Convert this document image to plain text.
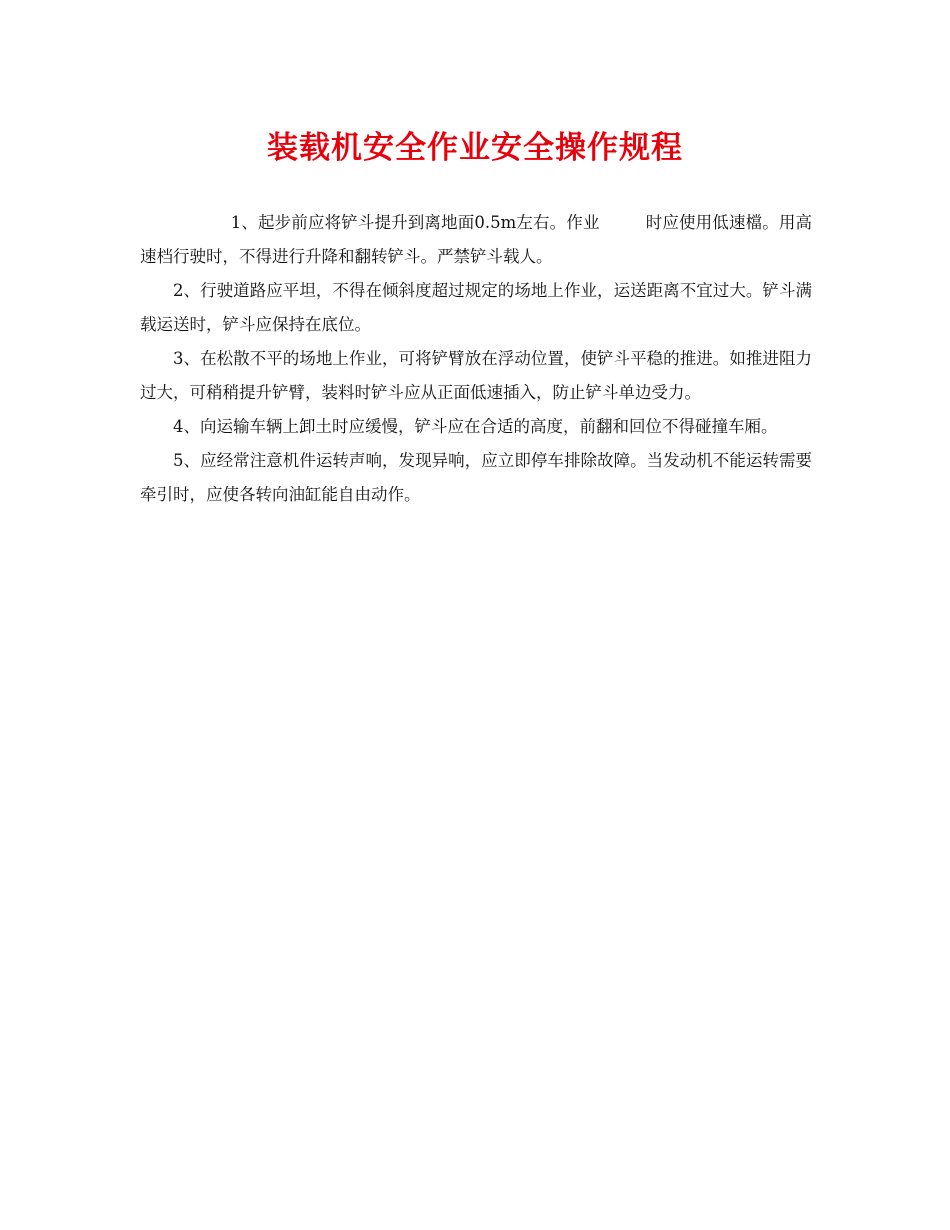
装载机安全作业安全操作规程

1、起步前应将铲斗提升到离地面0.5m左右。作业	时应使用低速檔。用高速档行驶时，不得进行升降和翻转铲斗。严禁铲斗载人。

2、行驶道路应平坦，不得在倾斜度超过规定的场地上作业，运送距离不宜过大。铲斗满载运送时，铲斗应保持在底位。

3、在松散不平的场地上作业，可将铲臂放在浮动位置，使铲斗平稳的推进。如推进阻力过大，可稍稍提升铲臂，装料时铲斗应从正面低速插入，防止铲斗单边受力。

4、向运输车辆上卸土时应缓慢，铲斗应在合适的高度，前翻和回位不得碰撞车厢。

5、应经常注意机件运转声响，发现异响，应立即停车排除故障。当发动机不能运转需要牵引时，应使各转向油缸能自由动作。
